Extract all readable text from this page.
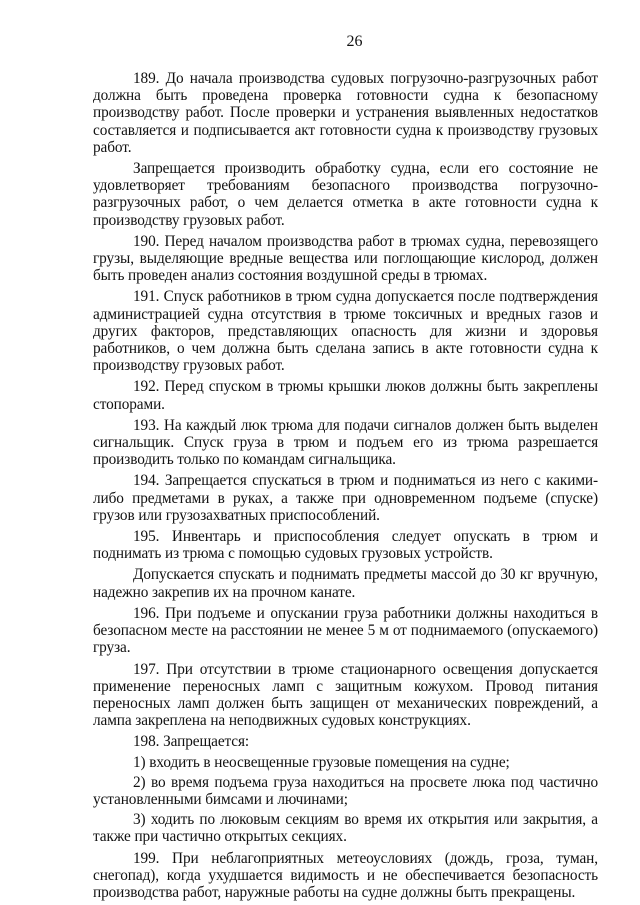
26

189. До начала производства судовых погрузочно-разгрузочных работ должна быть проведена проверка готовности судна к безопасному производству работ. После проверки и устранения выявленных недостатков составляется и подписывается акт готовности судна к производству грузовых работ.

Запрещается производить обработку судна, если его состояние не удовлетворяет требованиям безопасного производства погрузочно-разгрузочных работ, о чем делается отметка в акте готовности судна к производству грузовых работ.

190. Перед началом производства работ в трюмах судна, перевозящего грузы, выделяющие вредные вещества или поглощающие кислород, должен быть проведен анализ состояния воздушной среды в трюмах.

191. Спуск работников в трюм судна допускается после подтверждения администрацией судна отсутствия в трюме токсичных и вредных газов и других факторов, представляющих опасность для жизни и здоровья работников, о чем должна быть сделана запись в акте готовности судна к производству грузовых работ.

192. Перед спуском в трюмы крышки люков должны быть закреплены стопорами.

193. На каждый люк трюма для подачи сигналов должен быть выделен сигнальщик. Спуск груза в трюм и подъем его из трюма разрешается производить только по командам сигнальщика.

194. Запрещается спускаться в трюм и подниматься из него с какими-либо предметами в руках, а также при одновременном подъеме (спуске) грузов или грузозахватных приспособлений.

195. Инвентарь и приспособления следует опускать в трюм и поднимать из трюма с помощью судовых грузовых устройств.

Допускается спускать и поднимать предметы массой до 30 кг вручную, надежно закрепив их на прочном канате.

196. При подъеме и опускании груза работники должны находиться в безопасном месте на расстоянии не менее 5 м от поднимаемого (опускаемого) груза.

197. При отсутствии в трюме стационарного освещения допускается применение переносных ламп с защитным кожухом. Провод питания переносных ламп должен быть защищен от механических повреждений, а лампа закреплена на неподвижных судовых конструкциях.

198. Запрещается:

1) входить в неосвещенные грузовые помещения на судне;

2) во время подъема груза находиться на просвете люка под частично установленными бимсами и лючинами;

3) ходить по люковым секциям во время их открытия или закрытия, а также при частично открытых секциях.

199. При неблагоприятных метеоусловиях (дождь, гроза, туман, снегопад), когда ухудшается видимость и не обеспечивается безопасность производства работ, наружные работы на судне должны быть прекращены.
